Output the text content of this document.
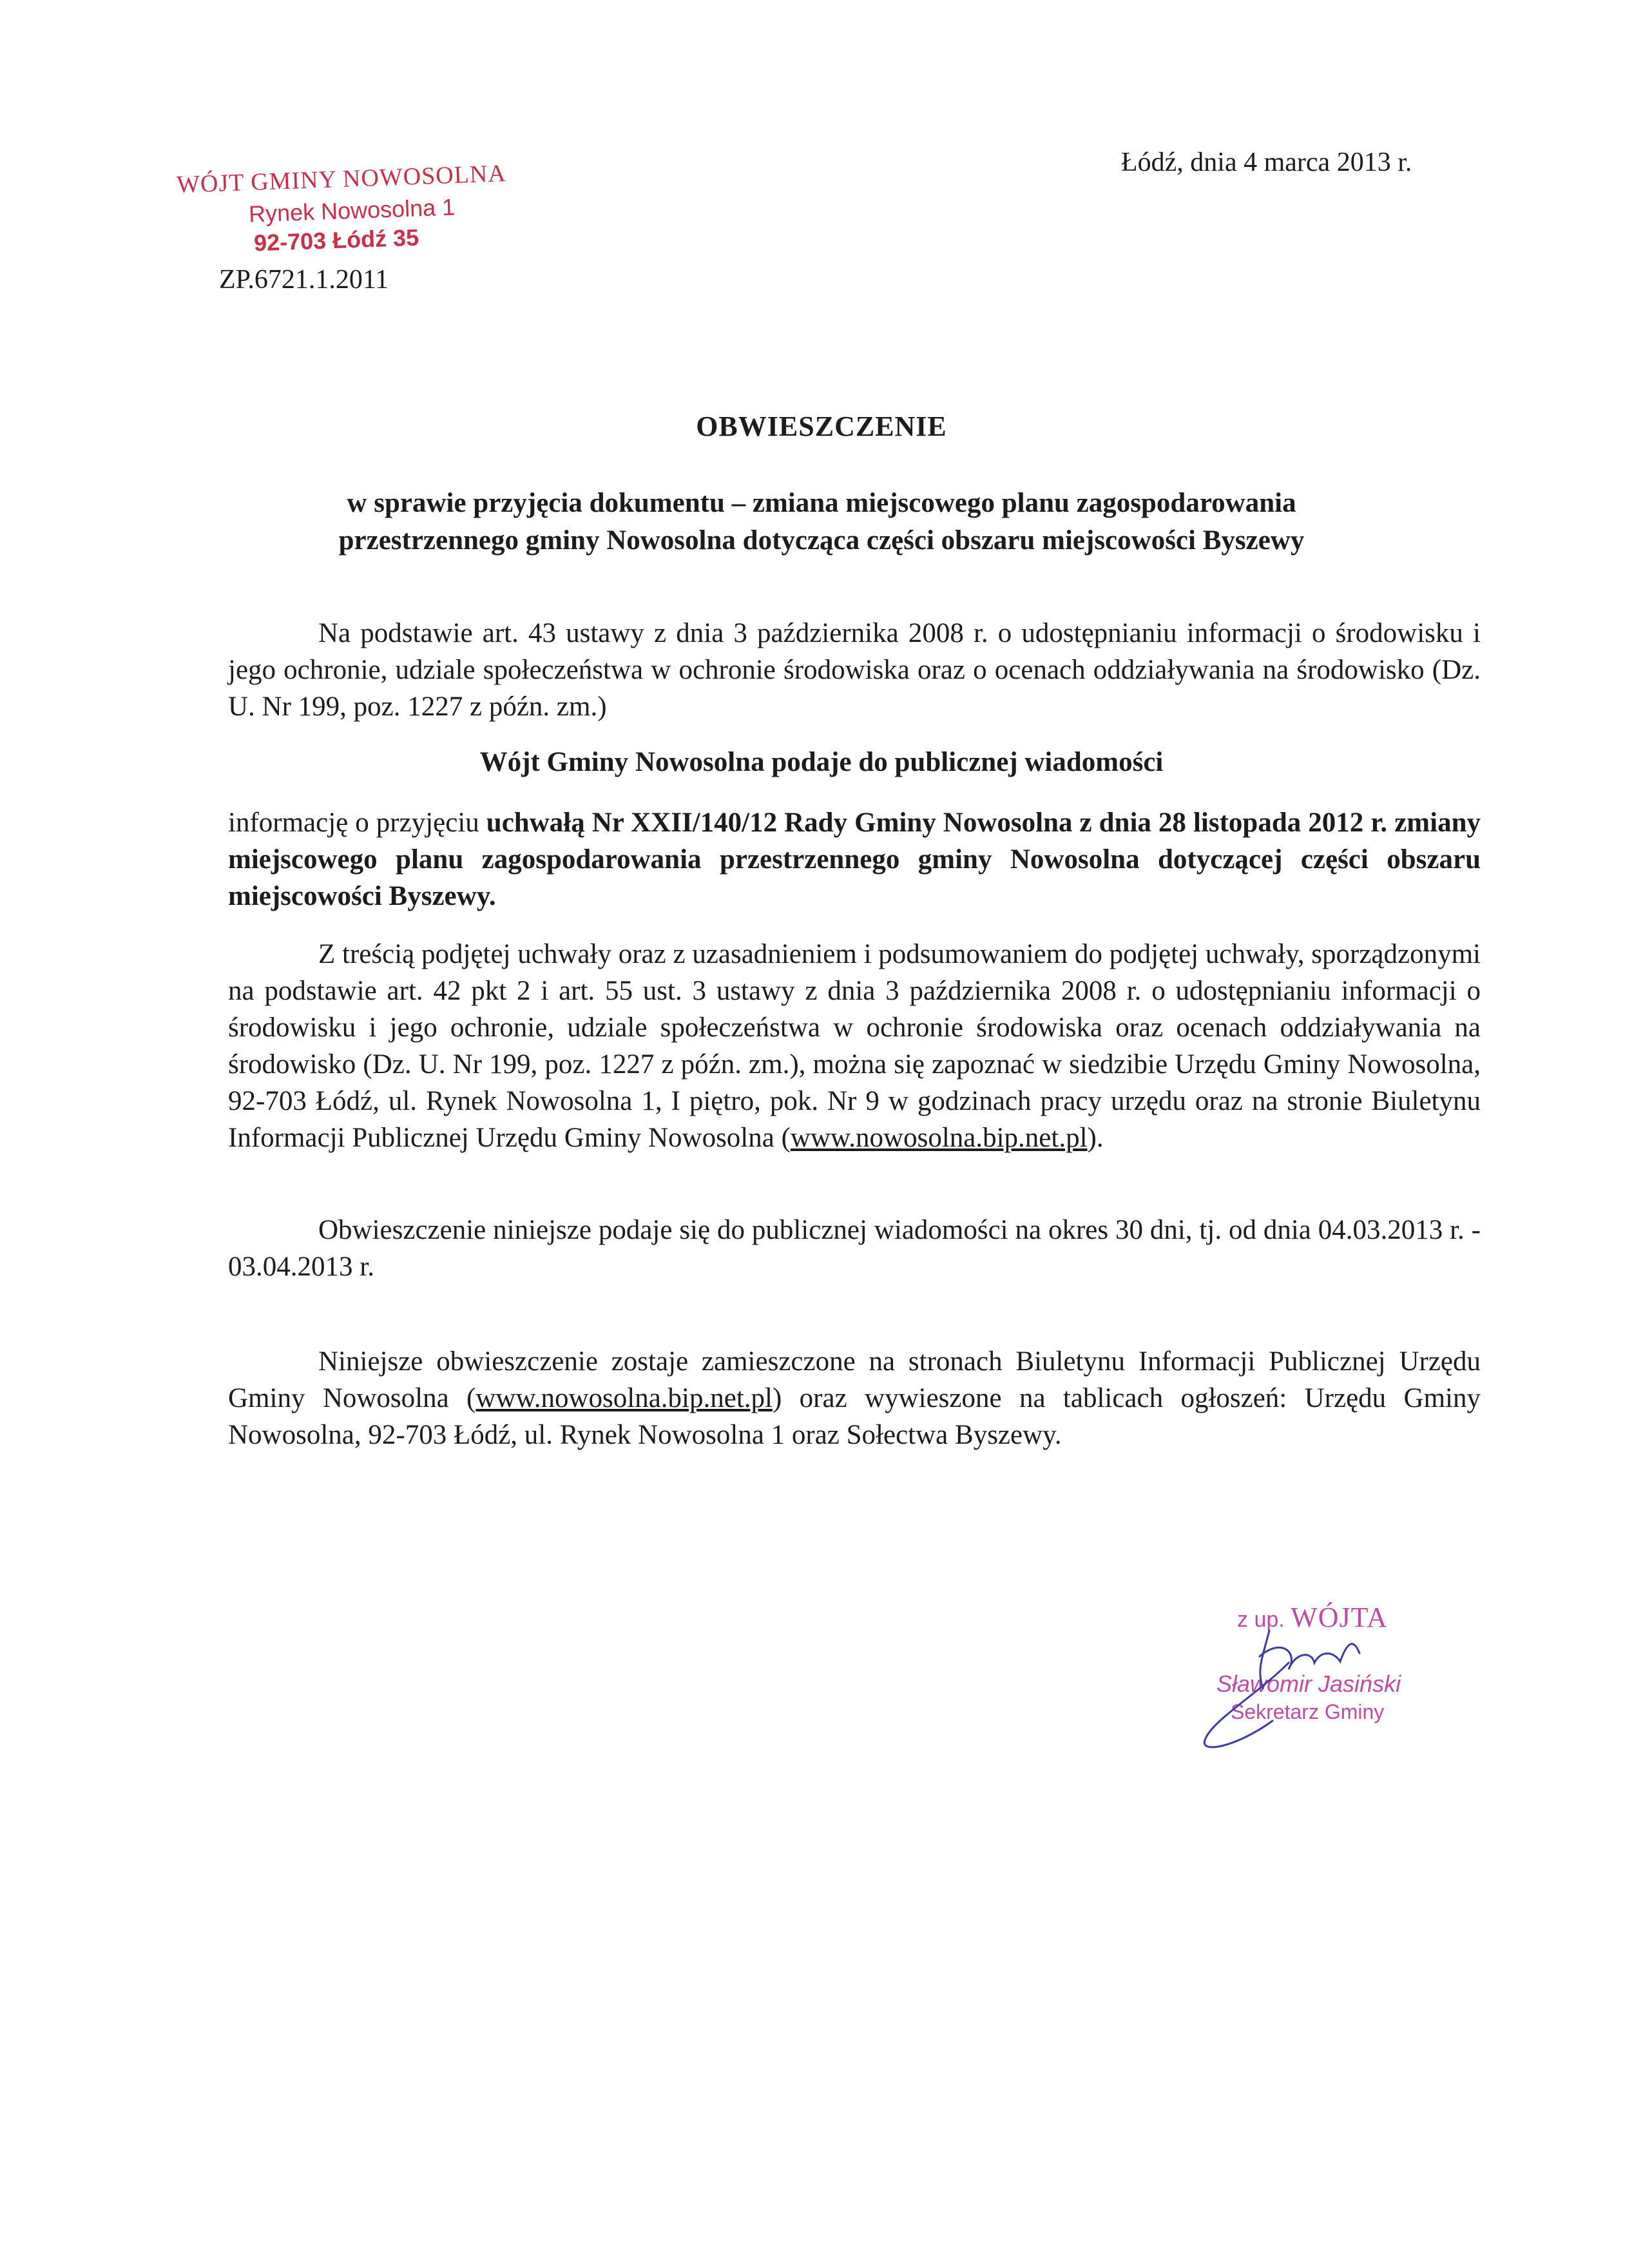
WÓJT GMINY NOWOSOLNA
Rynek Nowosolna 1
92-703 Łódź 35
Łódź, dnia 4 marca 2013 r.
ZP.6721.1.2011
OBWIESZCZENIE
w sprawie przyjęcia dokumentu – zmiana miejscowego planu zagospodarowania
przestrzennego gminy Nowosolna dotycząca części obszaru miejscowości Byszewy
Na podstawie art. 43 ustawy z dnia 3 października 2008 r. o udostępnianiu informacji o środowisku i jego ochronie, udziale społeczeństwa w ochronie środowiska oraz o ocenach oddziaływania na środowisko (Dz. U. Nr 199, poz. 1227 z późn. zm.)
Wójt Gminy Nowosolna podaje do publicznej wiadomości
informację o przyjęciu uchwałą Nr XXII/140/12 Rady Gminy Nowosolna z dnia 28 listopada 2012 r. zmiany miejscowego planu zagospodarowania przestrzennego gminy Nowosolna dotyczącej części obszaru miejscowości Byszewy.
Z treścią podjętej uchwały oraz z uzasadnieniem i podsumowaniem do podjętej uchwały, sporządzonymi na podstawie art. 42 pkt 2 i art. 55 ust. 3 ustawy z dnia 3 października 2008 r. o udostępnianiu informacji o środowisku i jego ochronie, udziale społeczeństwa w ochronie środowiska oraz ocenach oddziaływania na środowisko (Dz. U. Nr 199, poz. 1227 z późn. zm.), można się zapoznać w siedzibie Urzędu Gminy Nowosolna, 92-703 Łódź, ul. Rynek Nowosolna 1, I piętro, pok. Nr 9 w godzinach pracy urzędu oraz na stronie Biuletynu Informacji Publicznej Urzędu Gminy Nowosolna (www.nowosolna.bip.net.pl).
Obwieszczenie niniejsze podaje się do publicznej wiadomości na okres 30 dni, tj. od dnia 04.03.2013 r. - 03.04.2013 r.
Niniejsze obwieszczenie zostaje zamieszczone na stronach Biuletynu Informacji Publicznej Urzędu Gminy Nowosolna (www.nowosolna.bip.net.pl) oraz wywieszone na tablicach ogłoszeń: Urzędu Gminy Nowosolna, 92-703 Łódź, ul. Rynek Nowosolna 1 oraz Sołectwa Byszewy.
z up. WÓJTA
Sławomir Jasiński
Sekretarz Gminy
